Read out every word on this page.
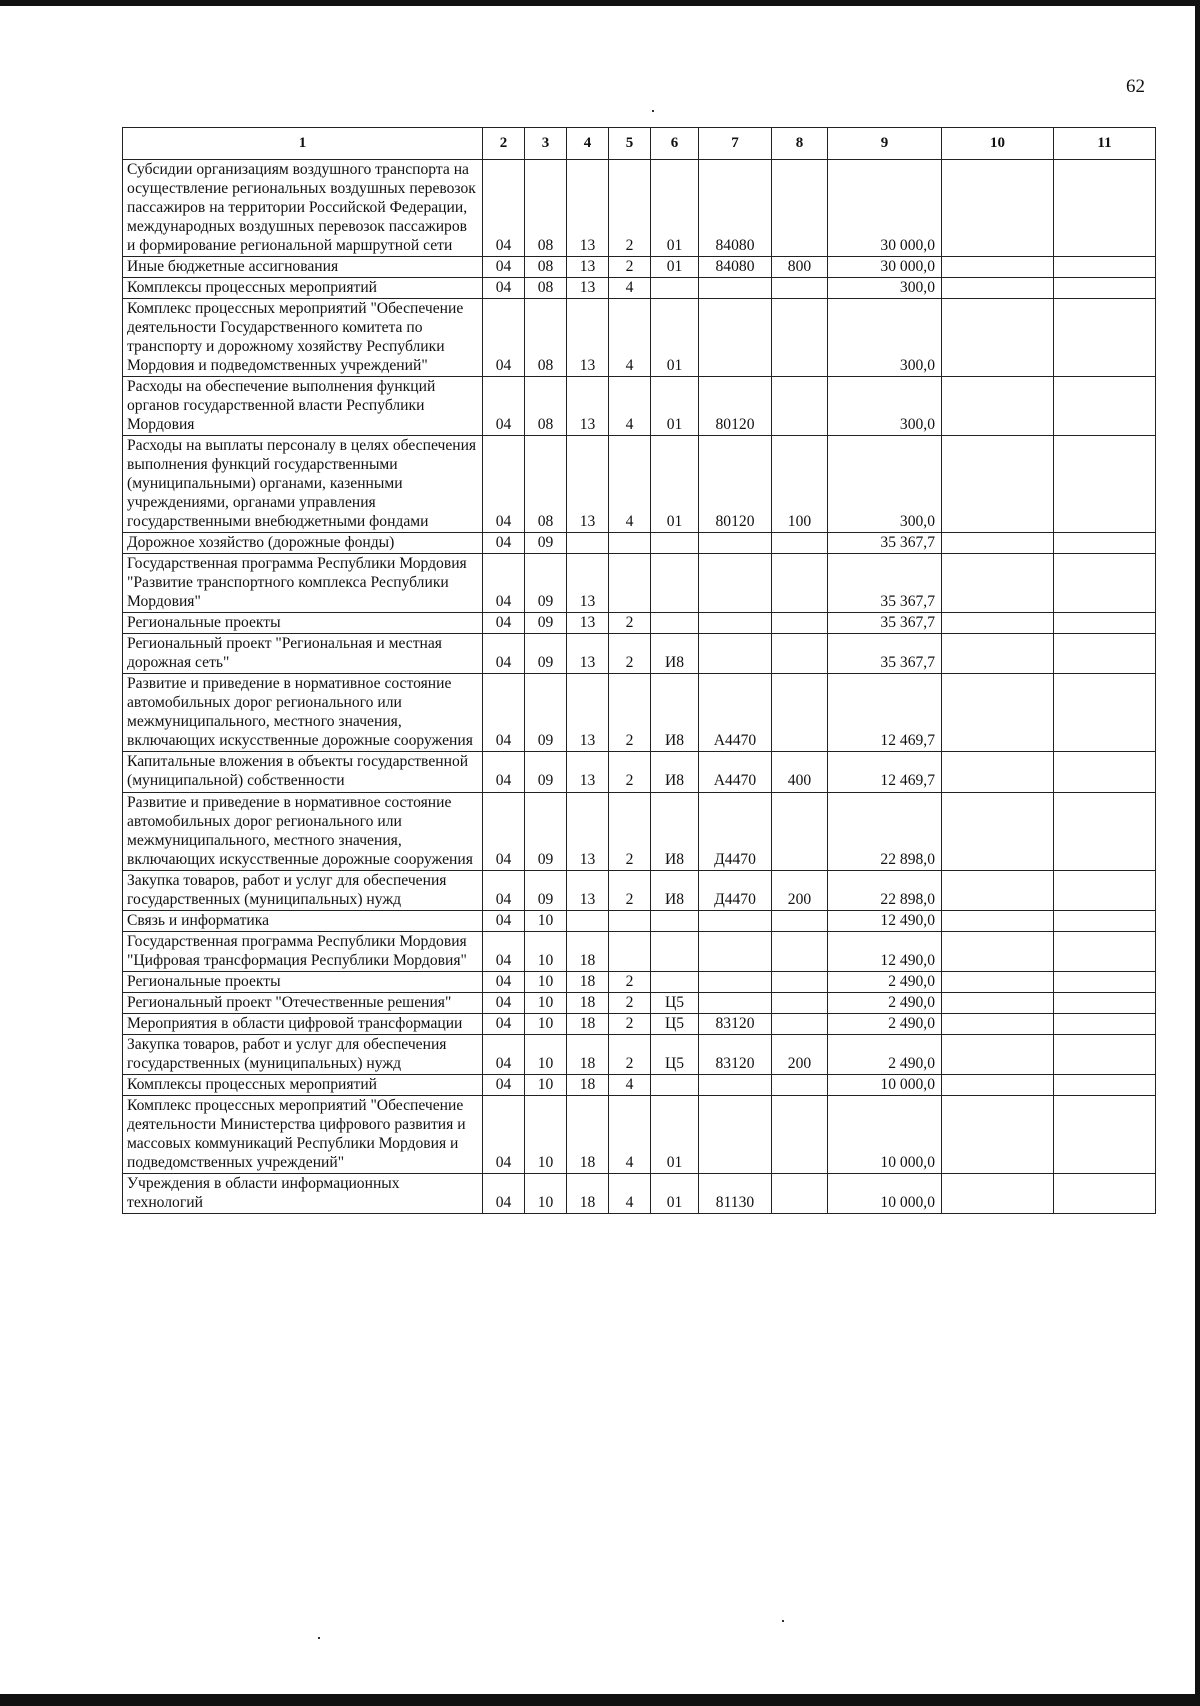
62
1	2	3	4	5	6	7	8	9	10	11
Субсидии организациям воздушного транспорта на осуществление региональных воздушных перевозок пассажиров на территории Российской Федерации, международных воздушных перевозок пассажиров и формирование региональной маршрутной сети	04	08	13	2	01	84080		30 000,0		
Иные бюджетные ассигнования	04	08	13	2	01	84080	800	30 000,0		
Комплексы процессных мероприятий	04	08	13	4				300,0		
Комплекс процессных мероприятий "Обеспечение деятельности Государственного комитета по транспорту и дорожному хозяйству Республики Мордовия и подведомственных учреждений"	04	08	13	4	01			300,0		
Расходы на обеспечение выполнения функций органов государственной власти Республики Мордовия	04	08	13	4	01	80120		300,0		
Расходы на выплаты персоналу в целях обеспечения выполнения функций государственными (муниципальными) органами, казенными учреждениями, органами управления государственными внебюджетными фондами	04	08	13	4	01	80120	100	300,0		
Дорожное хозяйство (дорожные фонды)	04	09						35 367,7		
Государственная программа Республики Мордовия "Развитие транспортного комплекса Республики Мордовия"	04	09	13					35 367,7		
Региональные проекты	04	09	13	2				35 367,7		
Региональный проект "Региональная и местная дорожная сеть"	04	09	13	2	И8			35 367,7		
Развитие и приведение в нормативное состояние автомобильных дорог регионального или межмуниципального, местного значения, включающих искусственные дорожные сооружения	04	09	13	2	И8	А4470		12 469,7		
Капитальные вложения в объекты государственной (муниципальной) собственности	04	09	13	2	И8	А4470	400	12 469,7		
Развитие и приведение в нормативное состояние автомобильных дорог регионального или межмуниципального, местного значения, включающих искусственные дорожные сооружения	04	09	13	2	И8	Д4470		22 898,0		
Закупка товаров, работ и услуг для обеспечения государственных (муниципальных) нужд	04	09	13	2	И8	Д4470	200	22 898,0		
Связь и информатика	04	10						12 490,0		
Государственная программа Республики Мордовия "Цифровая трансформация Республики Мордовия"	04	10	18					12 490,0		
Региональные проекты	04	10	18	2				2 490,0		
Региональный проект "Отечественные решения"	04	10	18	2	Ц5			2 490,0		
Мероприятия в области цифровой трансформации	04	10	18	2	Ц5	83120		2 490,0		
Закупка товаров, работ и услуг для обеспечения государственных (муниципальных) нужд	04	10	18	2	Ц5	83120	200	2 490,0		
Комплексы процессных мероприятий	04	10	18	4				10 000,0		
Комплекс процессных мероприятий "Обеспечение деятельности Министерства цифрового развития и массовых коммуникаций Республики Мордовия и подведомственных учреждений"	04	10	18	4	01			10 000,0		
Учреждения в области информационных технологий	04	10	18	4	01	81130		10 000,0		
